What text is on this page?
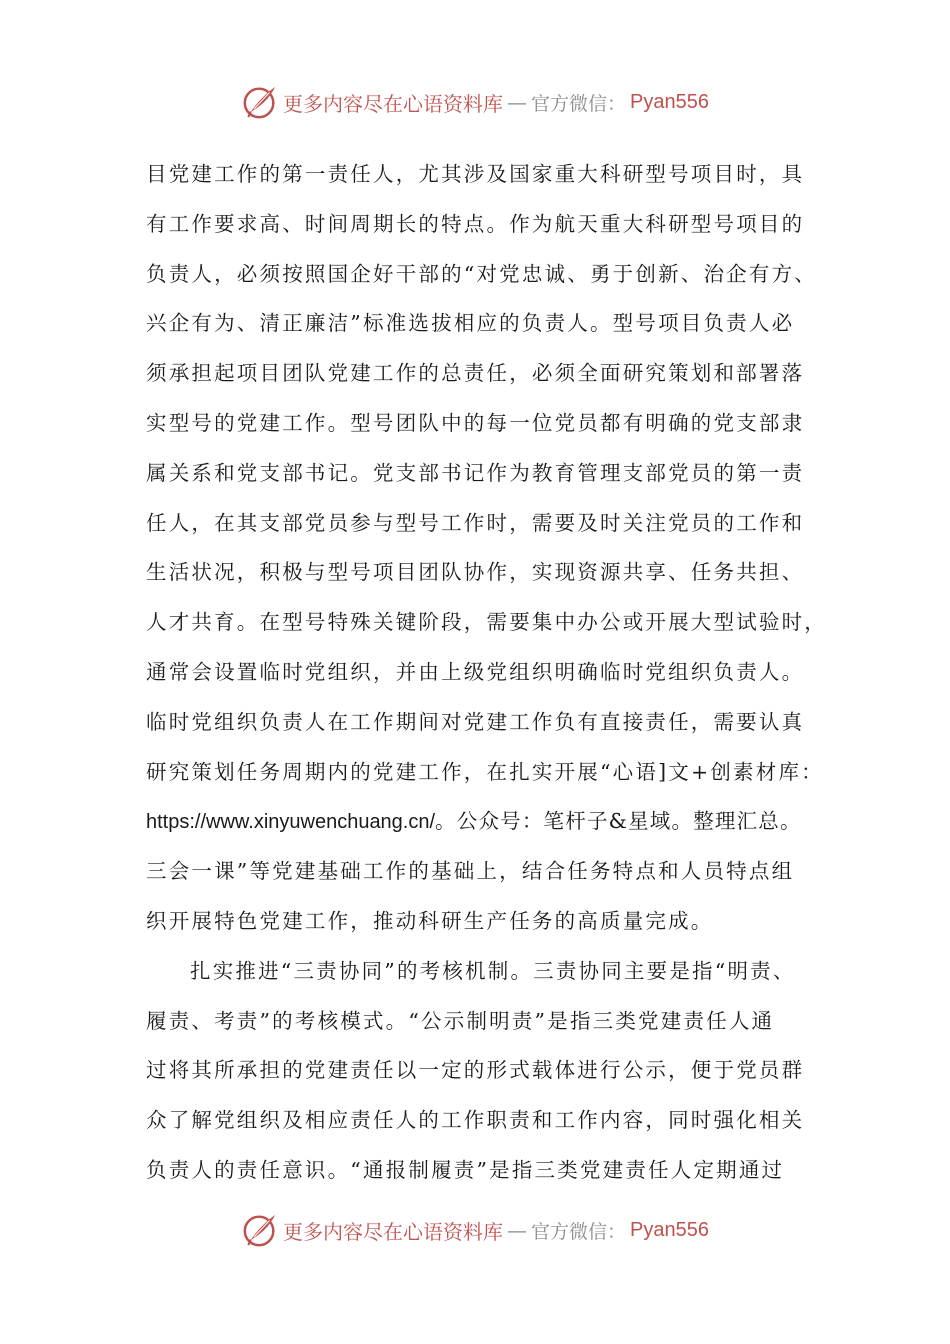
更多内容尽在心语资料库 — 官方微信： Pyan556
目党建工作的第一责任人，尤其涉及国家重大科研型号项目时，具
有工作要求高、时间周期长的特点。作为航天重大科研型号项目的
负责人，必须按照国企好干部的“对党忠诚、勇于创新、治企有方、
兴企有为、清正廉洁”标准选拔相应的负责人。型号项目负责人必
须承担起项目团队党建工作的总责任，必须全面研究策划和部署落
实型号的党建工作。型号团队中的每一位党员都有明确的党支部隶
属关系和党支部书记。党支部书记作为教育管理支部党员的第一责
任人，在其支部党员参与型号工作时，需要及时关注党员的工作和
生活状况，积极与型号项目团队协作，实现资源共享、任务共担、
人才共育。在型号特殊关键阶段，需要集中办公或开展大型试验时，
通常会设置临时党组织，并由上级党组织明确临时党组织负责人。
临时党组织负责人在工作期间对党建工作负有直接责任，需要认真
研究策划任务周期内的党建工作，在扎实开展“心语]文+创素材库：
https://www.xinyuwenchuang.cn/。公众号：笔杆子&星域。整理汇总。
三会一课”等党建基础工作的基础上，结合任务特点和人员特点组
织开展特色党建工作，推动科研生产任务的高质量完成。
扎实推进“三责协同”的考核机制。三责协同主要是指“明责、
履责、考责”的考核模式。“公示制明责”是指三类党建责任人通
过将其所承担的党建责任以一定的形式载体进行公示，便于党员群
众了解党组织及相应责任人的工作职责和工作内容，同时强化相关
负责人的责任意识。“通报制履责”是指三类党建责任人定期通过
更多内容尽在心语资料库 — 官方微信： Pyan556
